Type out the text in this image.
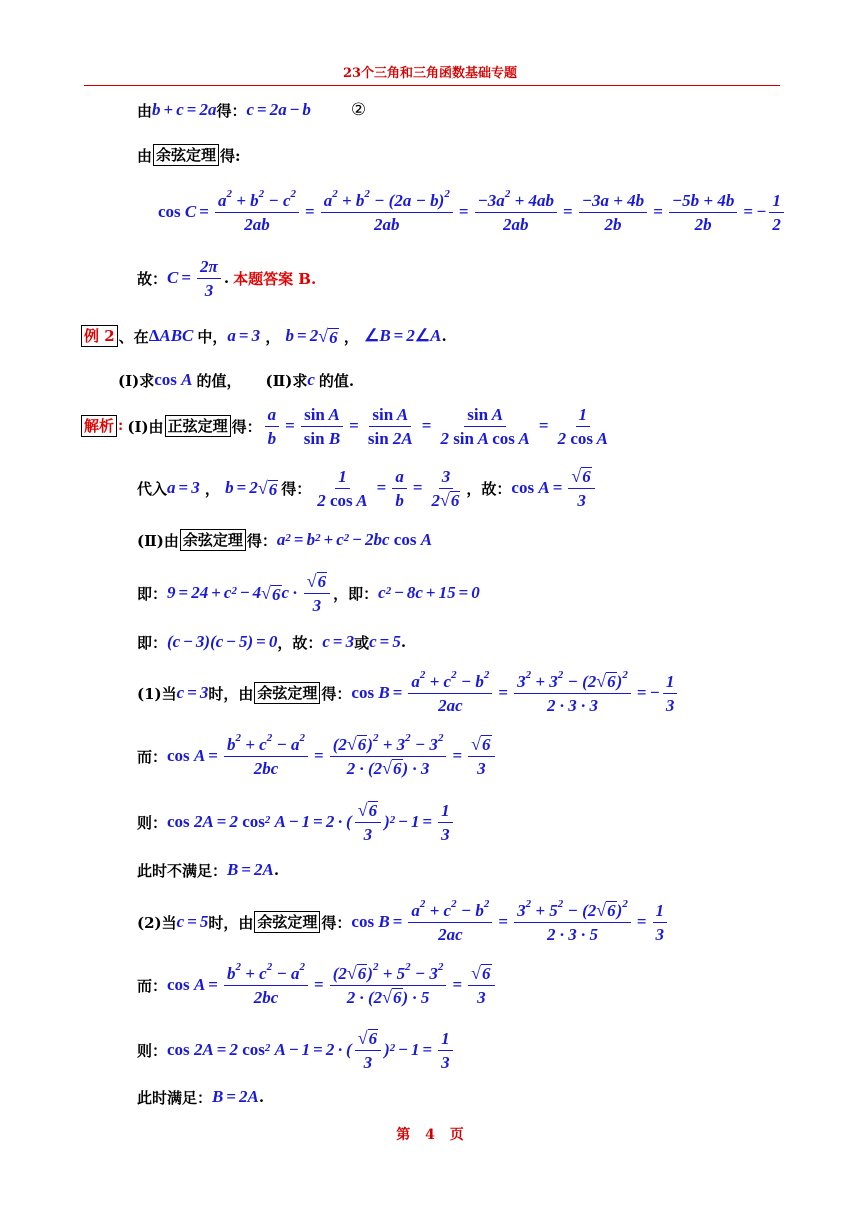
23个三角和三角函数基础专题
由 b + c = 2a 得： c = 2a − b ②
由 余弦定理 得:
$\cos C = \frac{a^2 + b^2 - c^2}{2ab} = \frac{a^2 + b^2 - (2a - b)^2}{2ab} = \frac{-3a^2 + 4ab}{2ab} = \frac{-3a + 4b}{2b} = \frac{-5b + 4b}{2b}$ = − $\frac{1}{2}$
故： $C = \frac{2\pi}{3}$ . 本题答案 B.
例 2 、在 Δ ABC 中， a = 3 ， b = 2 √ 6 ， ∠ B = 2 ∠ A .
(Ⅰ)求 cos A 的值， (Ⅱ)求 c 的值.
解析 : (Ⅰ)由 正弦定理 得： $\frac{a}{b} = \frac{\text{sin A}}{\text{sin B}} = \frac{\text{sin A}}{\sin 2A} = \frac{\text{sin A}}{\text{2 sin A cos A}} = \frac{1}{\text{2 cos A}}$
代入 a = 3 ， b = 2 √ 6 得： $\frac{1}{\text{2 cos A}} = \frac{a}{b} = \frac{3}{2 √ 6}$ ，故： $\cos A = \frac{√ 6}{3}$
(Ⅱ)由 余弦定理 得： $a^2 = b^2 + c^2 - 2bc$ cos A
即： $9 = 24 + c^2 - 4$ √ 6 $c \cdot \frac{√ 6}{3}$ ，即： $c^2 - 8c + 15 = 0$
即： (c − 3)(c − 5) = 0 ，故： c = 3 或 c = 5 .
(1)当 c = 3 时，由 余弦定理 得： $\cos B = \frac{a^2 + c^2 - b^2}{2ac} = \frac{3^2 + 3^2 - (2 √ 6 )^2}{2 \cdot 3 \cdot 3}$ = − $\frac{1}{3}$
而： $\cos A = \frac{b^2 + c^2 - a^2}{2bc} = \frac{(2 √ 6 )^2 + 3^2 - 3^2}{2 \cdot (2 √ 6 ) \cdot 3} = \frac{√ 6}{3}$
则： cos 2A = 2 $\cos^2 A - 1 = 2$ · ( $\frac{√ 6}{3} )^2 - 1 = \frac{1}{3}$
此时不满足： B = 2A .
(2)当 c = 5 时，由 余弦定理 得： $\cos B = \frac{a^2 + c^2 - b^2}{2ac} = \frac{3^2 + 5^2 - (2 √ 6 )^2}{2 \cdot 3 \cdot 5} = \frac{1}{3}$
而： $\cos A = \frac{b^2 + c^2 - a^2}{2bc} = \frac{(2 √ 6 )^2 + 5^2 - 3^2}{2 \cdot (2 √ 6 ) \cdot 5} = \frac{√ 6}{3}$
则： cos 2A = 2 $\cos^2 A - 1 = 2$ · ( $\frac{√ 6}{3} )^2 - 1 = \frac{1}{3}$
此时满足： B = 2A .
第 4 页
